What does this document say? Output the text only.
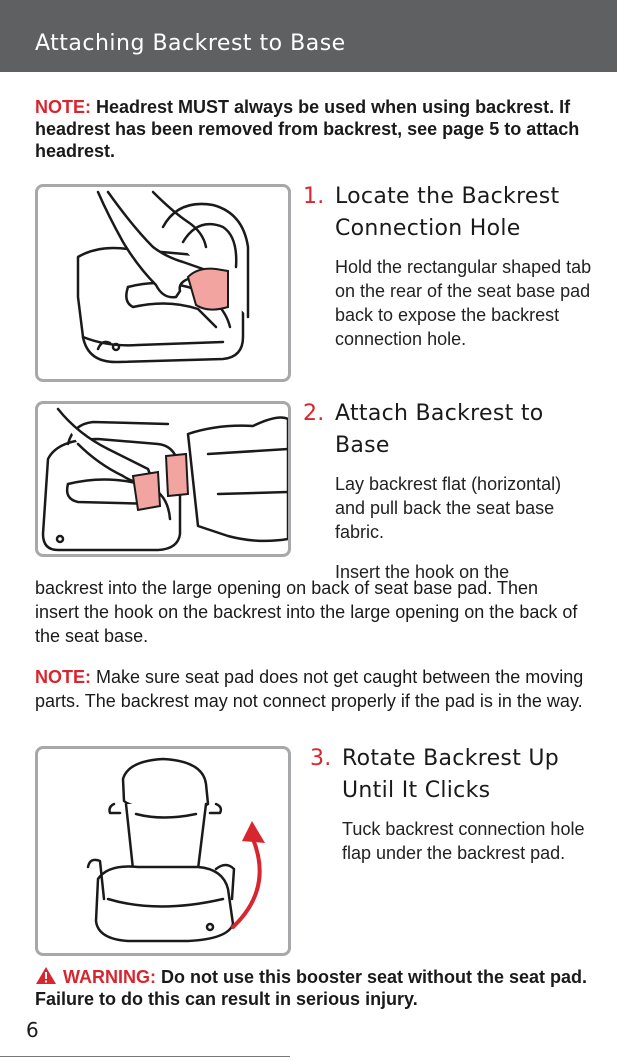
Attaching Backrest to Base
NOTE: Headrest MUST always be used when using backrest. If headrest has been removed from backrest, see page 5 to attach headrest.
1. Locate the Backrest Connection Hole
Hold the rectangular shaped tab on the rear of the seat base pad back to expose the backrest connection hole.
2. Attach Backrest to Base
Lay backrest flat (horizontal) and pull back the seat base fabric.
Insert the hook on the
backrest into the large opening on back of seat base pad. Then insert the hook on the backrest into the large opening on the back of the seat base.
NOTE: Make sure seat pad does not get caught between the moving parts. The backrest may not connect properly if the pad is in the way.
3. Rotate Backrest Up Until It Clicks
Tuck backrest connection hole flap under the backrest pad.
WARNING: Do not use this booster seat without the seat pad. Failure to do this can result in serious injury.
6
